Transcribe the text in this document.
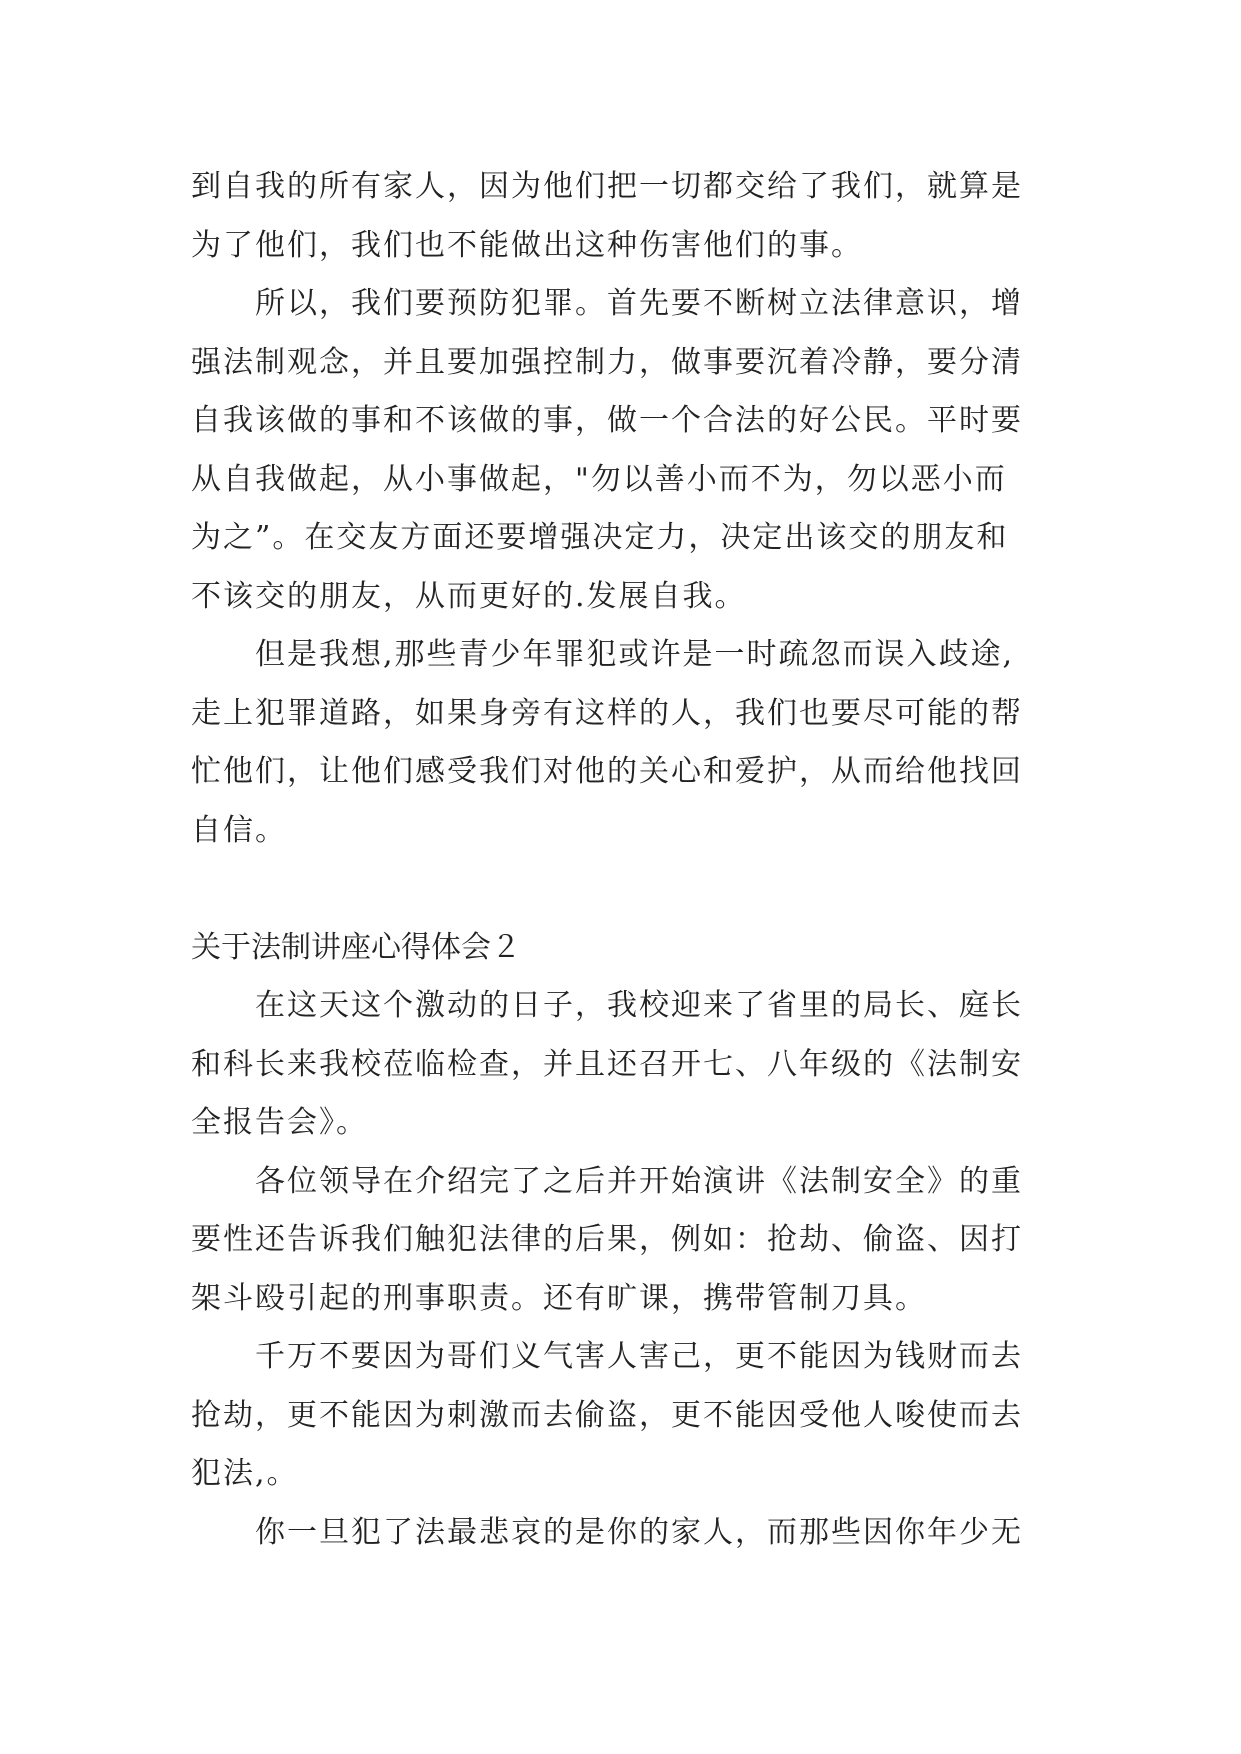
到自我的所有家人，因为他们把一切都交给了我们，就算是
为了他们，我们也不能做出这种伤害他们的事。
所以，我们要预防犯罪。首先要不断树立法律意识，增
强法制观念，并且要加强控制力，做事要沉着冷静，要分清
自我该做的事和不该做的事，做一个合法的好公民。平时要
从自我做起，从小事做起，"勿以善小而不为，勿以恶小而
为之”。在交友方面还要增强决定力，决定出该交的朋友和
不该交的朋友，从而更好的.发展自我。
但是我想,那些青少年罪犯或许是一时疏忽而误入歧途,
走上犯罪道路，如果身旁有这样的人，我们也要尽可能的帮
忙他们，让他们感受我们对他的关心和爱护，从而给他找回
自信。
关于法制讲座心得体会２
在这天这个激动的日子，我校迎来了省里的局长、庭长
和科长来我校莅临检查，并且还召开七、八年级的《法制安
全报告会》。
各位领导在介绍完了之后并开始演讲《法制安全》的重
要性还告诉我们触犯法律的后果，例如：抢劫、偷盗、因打
架斗殴引起的刑事职责。还有旷课，携带管制刀具。
千万不要因为哥们义气害人害己，更不能因为钱财而去
抢劫，更不能因为刺激而去偷盗，更不能因受他人唆使而去
犯法,。
你一旦犯了法最悲哀的是你的家人，而那些因你年少无
